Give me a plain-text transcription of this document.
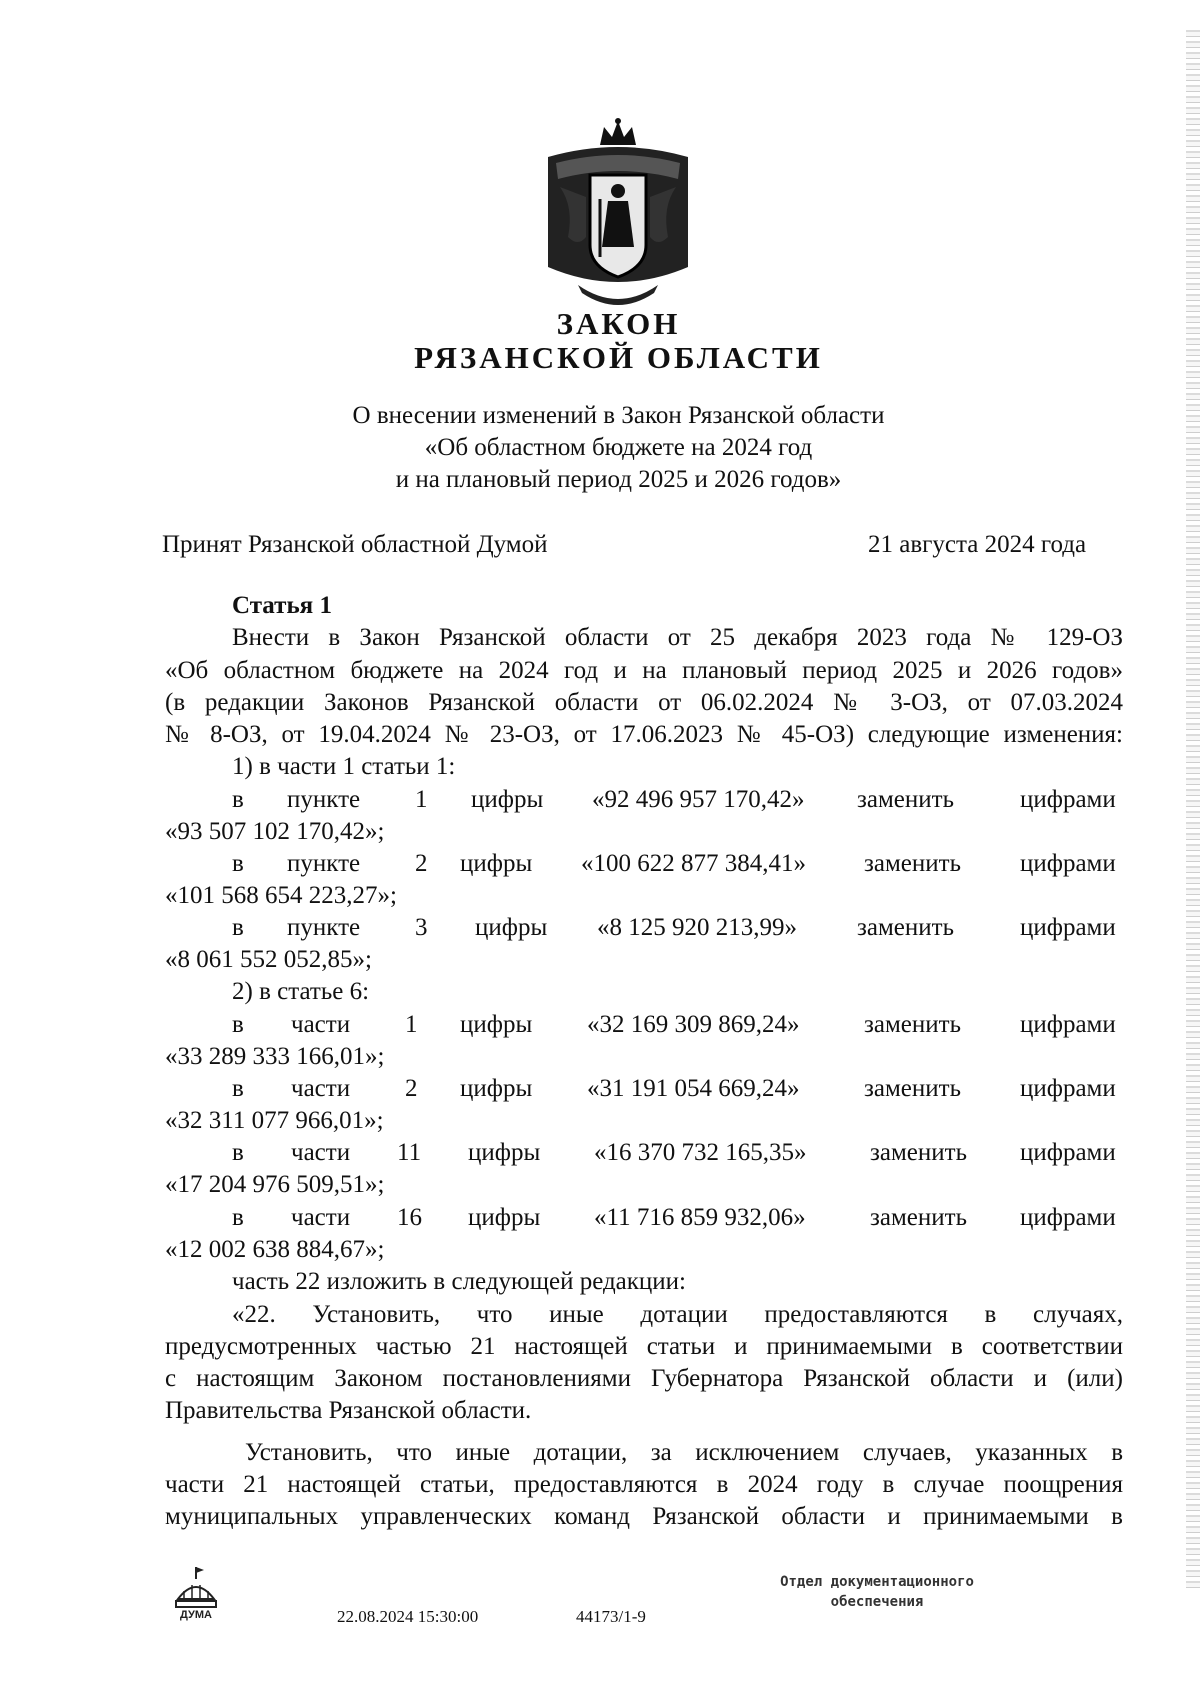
ЗАКОН
РЯЗАНСКОЙ ОБЛАСТИ
О внесении изменений в Закон Рязанской области
«Об областном бюджете на 2024 год
и на плановый период 2025 и 2026 годов»
Принят Рязанской областной Думой	21 августа 2024 года
Статья 1
Внести в Закон Рязанской области от 25 декабря 2023 года № 129-ОЗ
«Об областном бюджете на 2024 год и на плановый период 2025 и 2026 годов»
(в редакции Законов Рязанской области от 06.02.2024 № 3-ОЗ, от 07.03.2024
№ 8-ОЗ, от 19.04.2024 № 23-ОЗ, от 17.06.2023 № 45-ОЗ) следующие изменения:
1) в части 1 статьи 1:
в пункте 1 цифры «92 496 957 170,42» заменить	цифрами
«93 507 102 170,42»;
в пункте 2 цифры «100 622 877 384,41» заменить цифрами
«101 568 654 223,27»;
в пункте 3 цифры «8 125 920 213,99» заменить	цифрами
«8 061 552 052,85»;
2) в статье 6:
в части 1 цифры «32 169 309 869,24»	заменить цифрами
«33 289 333 166,01»;
в части 2 цифры «31 191 054 669,24»	заменить цифрами
«32 311 077 966,01»;
в части 11 цифры «16 370 732 165,35»	заменить цифрами
«17 204 976 509,51»;
в части 16 цифры «11 716 859 932,06»	заменить цифрами
«12 002 638 884,67»;
часть 22 изложить в следующей редакции:
«22. Установить, что иные дотации предоставляются в случаях,
предусмотренных частью 21 настоящей статьи и принимаемыми в соответствии
с настоящим Законом постановлениями Губернатора Рязанской области и (или)
Правительства Рязанской области.
Установить, что иные дотации, за исключением случаев, указанных в
части 21 настоящей статьи, предоставляются в 2024 году в случае поощрения
муниципальных управленческих команд Рязанской области и принимаемыми в
ДУМА	22.08.2024 15:30:00	44173/1-9
Отдел документационного
обеспечения
